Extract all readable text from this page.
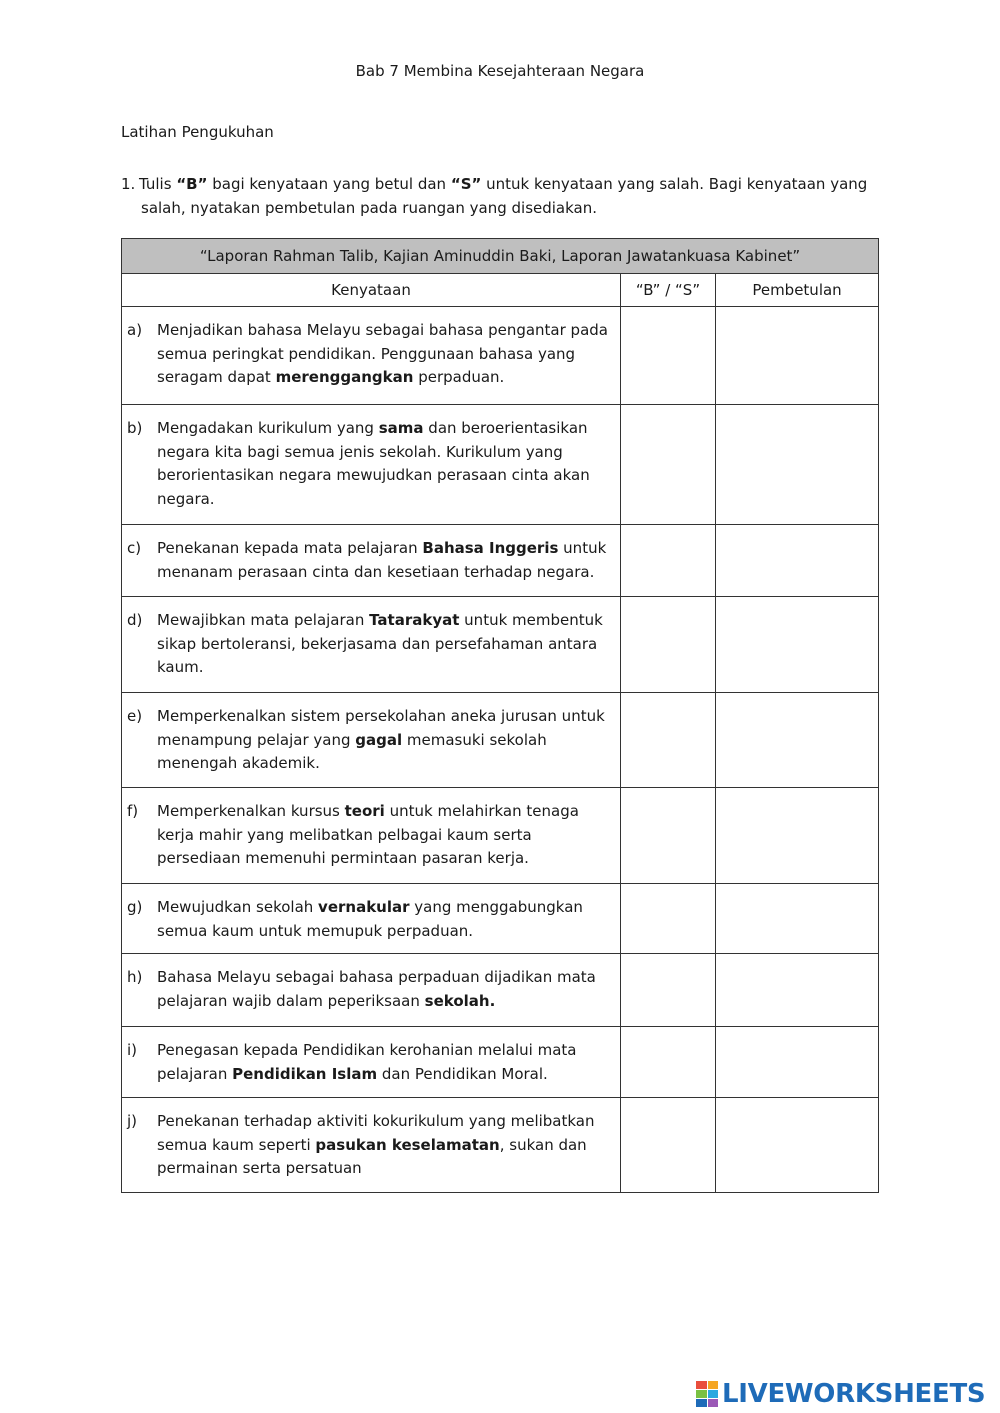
Bab 7 Membina Kesejahteraan Negara
Latihan Pengukuhan
1. Tulis “B” bagi kenyataan yang betul dan “S” untuk kenyataan yang salah. Bagi kenyataan yang
salah, nyatakan pembetulan pada ruangan yang disediakan.
“Laporan Rahman Talib, Kajian Aminuddin Baki, Laporan Jawatankuasa Kabinet”		
Kenyataan	“B” / “S”	Pembetulan

a) Menjadikan bahasa Melayu sebagai bahasa pengantar pada semua peringkat pendidikan. Penggunaan bahasa yang seragam dapat merenggangkan perpaduan.		

b) Mengadakan kurikulum yang sama dan beroerientasikan negara kita bagi semua jenis sekolah. Kurikulum yang berorientasikan negara mewujudkan perasaan cinta akan negara.		

c) Penekanan kepada mata pelajaran Bahasa Inggeris untuk menanam perasaan cinta dan kesetiaan terhadap negara.		

d) Mewajibkan mata pelajaran Tatarakyat untuk membentuk sikap bertoleransi, bekerjasama dan persefahaman antara kaum.		

e) Memperkenalkan sistem persekolahan aneka jurusan untuk menampung pelajar yang gagal memasuki sekolah menengah akademik.		

f) Memperkenalkan kursus teori untuk melahirkan tenaga kerja mahir yang melibatkan pelbagai kaum serta persediaan memenuhi permintaan pasaran kerja.		

g) Mewujudkan sekolah vernakular yang menggabungkan semua kaum untuk memupuk perpaduan.		

h) Bahasa Melayu sebagai bahasa perpaduan dijadikan mata pelajaran wajib dalam peperiksaan sekolah.		

i) Penegasan kepada Pendidikan kerohanian melalui mata pelajaran Pendidikan Islam dan Pendidikan Moral.		

j) Penekanan terhadap aktiviti kokurikulum yang melibatkan semua kaum seperti pasukan keselamatan, sukan dan permainan serta persatuan		

LIVEWORKSHEETS
